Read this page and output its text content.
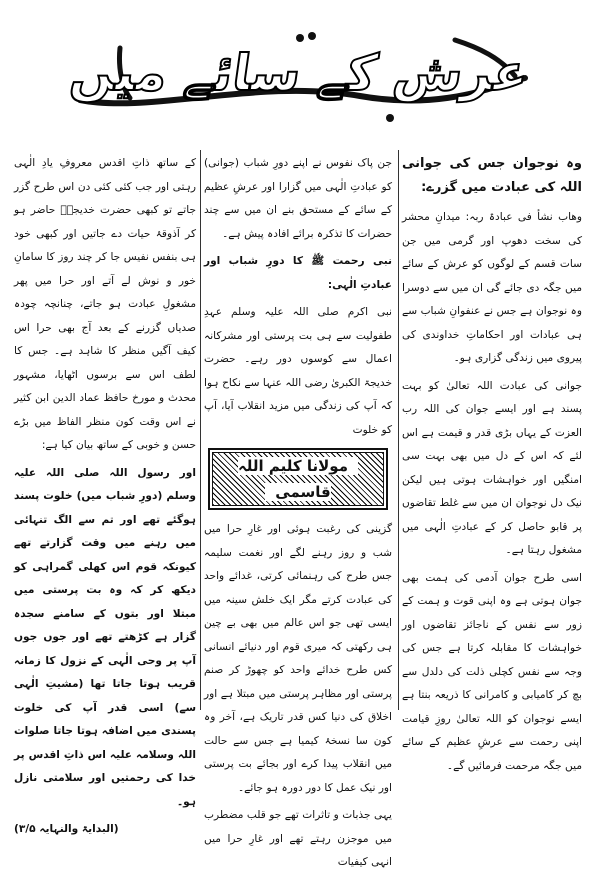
عرش کے سائے میں

وہ نوجوان جس کی جوانی اللہ کی عبادت میں گزرے:

وھاب نشأ فی عبادۃ ربہ: میدانِ محشر کی سخت دھوپ اور گرمی میں جن سات قسم کے لوگوں کو عرش کے سائے میں جگہ دی جائے گی ان میں سے دوسرا وہ نوجوان ہے جس نے عنفوانِ شباب سے ہی عبادات اور احکاماتِ خداوندی کی پیروی میں زندگی گزاری ہو۔

جوانی کی عبادت اللہ تعالیٰ کو بہت پسند ہے اور ایسے جوان کی اللہ رب العزت کے یہاں بڑی قدر و قیمت ہے اس لئے کہ اس کے دل میں بھی بہت سی امنگیں اور خواہشات ہوتی ہیں لیکن نیک دل نوجوان ان میں سے غلط تقاضوں پر قابو حاصل کر کے عبادتِ الٰہی میں مشغول رہتا ہے۔

اسی طرح جوان آدمی کی ہمت بھی جوان ہوتی ہے وہ اپنی قوت و ہمت کے زور سے نفس کے ناجائز تقاضوں اور خواہشات کا مقابلہ کرتا ہے جس کی وجہ سے نفس کچلی ذلت کی دلدل سے بچ کر کامیابی و کامرانی کا ذریعہ بنتا ہے ایسے نوجوان کو اللہ تعالیٰ روزِ قیامت اپنی رحمت سے عرشِ عظیم کے سائے میں جگہ مرحمت فرمائیں گے۔

جن پاک نفوس نے اپنے دورِ شباب (جوانی) کو عبادتِ الٰہی میں گزارا اور عرشِ عظیم کے سائے کے مستحق بنے ان میں سے چند حضرات کا تذکرہ برائے افادہ پیش ہے۔

نبی رحمت ﷺ کا دورِ شباب اور عبادتِ الٰہی:

نبی اکرم صلی اللہ علیہ وسلم عہدِ طفولیت سے ہی بت پرستی اور مشرکانہ اعمال سے کوسوں دور رہے۔ حضرت خدیجۃ الکبریٰ رضی اللہ عنہا سے نکاح ہوا کہ آپ کی زندگی میں مزید انقلاب آیا، آپ کو خلوت

مولانا کلیم اللہ قاسمی

گزینی کی رغبت ہوئی اور غارِ حرا میں شب و روز رہنے لگے اور نغمت سلیمہ جس طرح کی رہنمائی کرتی، غدائے واحد کی عبادت کرتے مگر ایک خلش سینہ میں ایسی تھی جو اس عالم میں بھی بے چین ہی رکھتی کہ میری قوم اور دنیائے انسانی کس طرح خدائے واحد کو چھوڑ کر صنم پرستی اور مظاہر پرستی میں مبتلا ہے اور اخلاق کی دنیا کس قدر تاریک ہے، آخر وہ کون سا نسخۂ کیمیا ہے جس سے حالت میں انقلاب پیدا کرے اور بجائے بت پرستی اور نیک عمل کا دور دورہ ہو جائے۔

یہی جذبات و تاثرات تھے جو قلب مضطرب میں موجزن رہتے تھے اور غارِ حرا میں انہی کیفیات

کے ساتھ ذاتِ اقدس معروفِ یادِ الٰہی رہتی اور جب کئی کئی دن اس طرح گزر جاتے تو کبھی حضرت خدیجہؓ حاضر ہو کر آذوقۂ حیات دے جاتیں اور کبھی خود ہی بنفس نفیس جا کر چند روز کا سامانِ خور و نوش لے آتے اور حرا میں پھر مشغولِ عبادت ہو جاتے، چنانچہ چودہ صدیاں گزرنے کے بعد آج بھی حرا اس کیف آگیں منظر کا شاہد ہے۔ جس کا لطف اس سے برسوں اٹھایا، مشہور محدث و مورخ حافظ عماد الدین ابن کثیر نے اس وقت کون منظر الفاظ میں بڑے حسن و خوبی کے ساتھ بیان کیا ہے:

اور رسول اللہ صلی اللہ علیہ وسلم (دورِ شباب میں) خلوت پسند ہوگئے تھے اور تم سے الگ تنہائی میں رہنے میں وقت گزارتے تھے کیونکہ قوم اس کھلی گمراہی کو دیکھ کر کہ وہ بت پرستی میں مبتلا اور بتوں کے سامنے سجدہ گزار ہے کڑھتے تھے اور جوں جوں آپ پر وحی الٰہی کے نزول کا زمانہ قریب ہوتا جاتا تھا (مشیتِ الٰہی سے) اسی قدر آپ کی خلوت پسندی میں اضافہ ہوتا جاتا صلوات اللہ وسلامہ علیہ اس ذاتِ اقدس پر خدا کی رحمتیں اور سلامتی نازل ہو۔

(البدایۃ والنہایہ ۳/۵)
